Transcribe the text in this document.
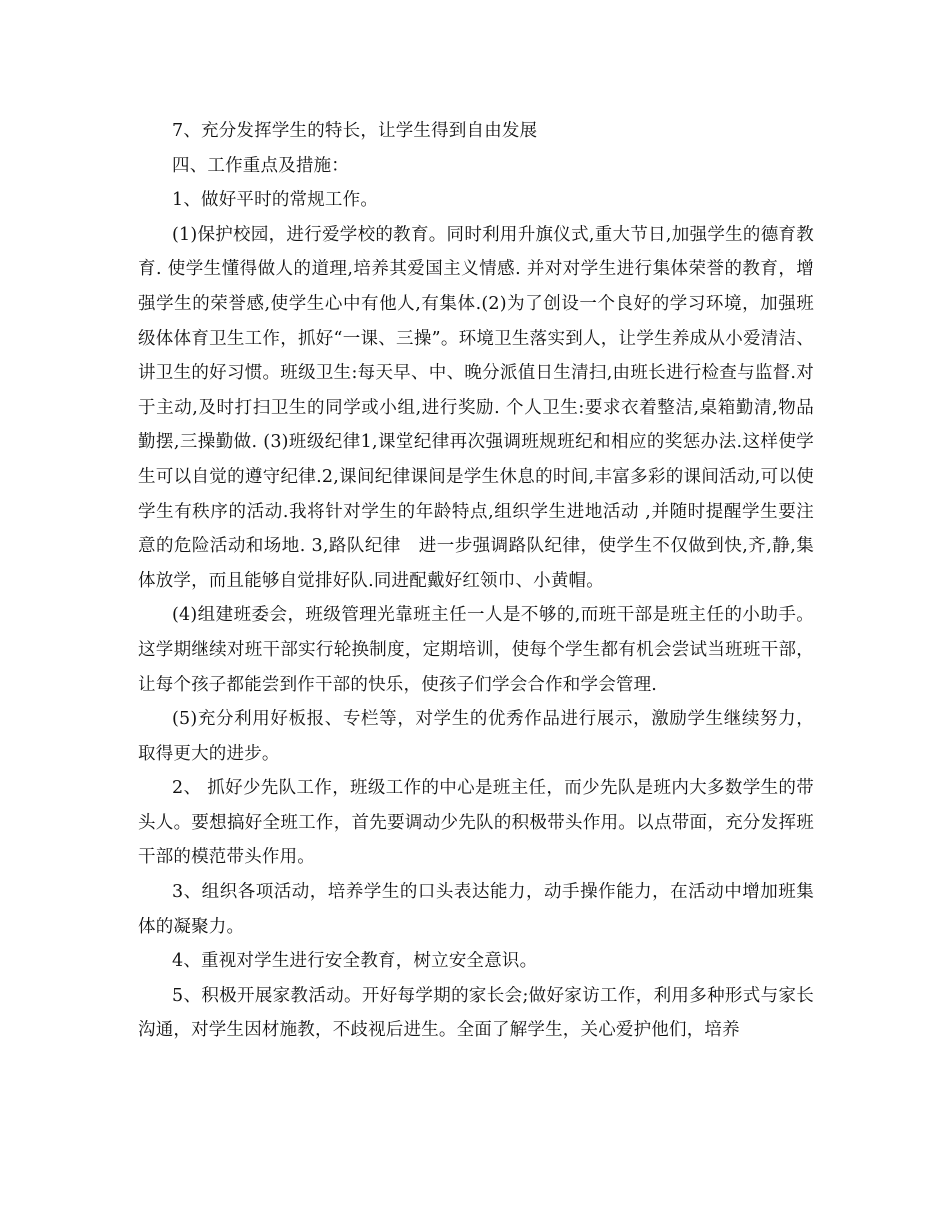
7、充分发挥学生的特长，让学生得到自由发展

四、工作重点及措施：

1、做好平时的常规工作。

(1)保护校园，进行爱学校的教育。同时利用升旗仪式,重大节日,加强学生的德育教育. 使学生懂得做人的道理,培养其爱国主义情感. 并对对学生进行集体荣誉的教育，增强学生的荣誉感,使学生心中有他人,有集体.(2)为了创设一个良好的学习环境，加强班级体体育卫生工作，抓好“一课、三操”。环境卫生落实到人，让学生养成从小爱清洁、讲卫生的好习惯。班级卫生:每天早、中、晚分派值日生清扫,由班长进行检查与监督.对于主动,及时打扫卫生的同学或小组,进行奖励. 个人卫生:要求衣着整洁,桌箱勤清,物品勤摆,三操勤做. (3)班级纪律1,课堂纪律再次强调班规班纪和相应的奖惩办法.这样使学生可以自觉的遵守纪律.2,课间纪律课间是学生休息的时间,丰富多彩的课间活动,可以使学生有秩序的活动.我将针对学生的年龄特点,组织学生进地活动 ,并随时提醒学生要注意的危险活动和场地. 3,路队纪律　进一步强调路队纪律，使学生不仅做到快,齐,静,集体放学，而且能够自觉排好队.同进配戴好红领巾、小黄帽。

(4)组建班委会，班级管理光靠班主任一人是不够的,而班干部是班主任的小助手。这学期继续对班干部实行轮换制度，定期培训，使每个学生都有机会尝试当班班干部，让每个孩子都能尝到作干部的快乐，使孩子们学会合作和学会管理.

(5)充分利用好板报、专栏等，对学生的优秀作品进行展示，激励学生继续努力，取得更大的进步。

2、 抓好少先队工作，班级工作的中心是班主任，而少先队是班内大多数学生的带头人。要想搞好全班工作，首先要调动少先队的积极带头作用。以点带面，充分发挥班干部的模范带头作用。

3、组织各项活动，培养学生的口头表达能力，动手操作能力，在活动中增加班集体的凝聚力。

4、重视对学生进行安全教育，树立安全意识。

5、积极开展家教活动。开好每学期的家长会;做好家访工作，利用多种形式与家长沟通，对学生因材施教，不歧视后进生。全面了解学生，关心爱护他们，培养
